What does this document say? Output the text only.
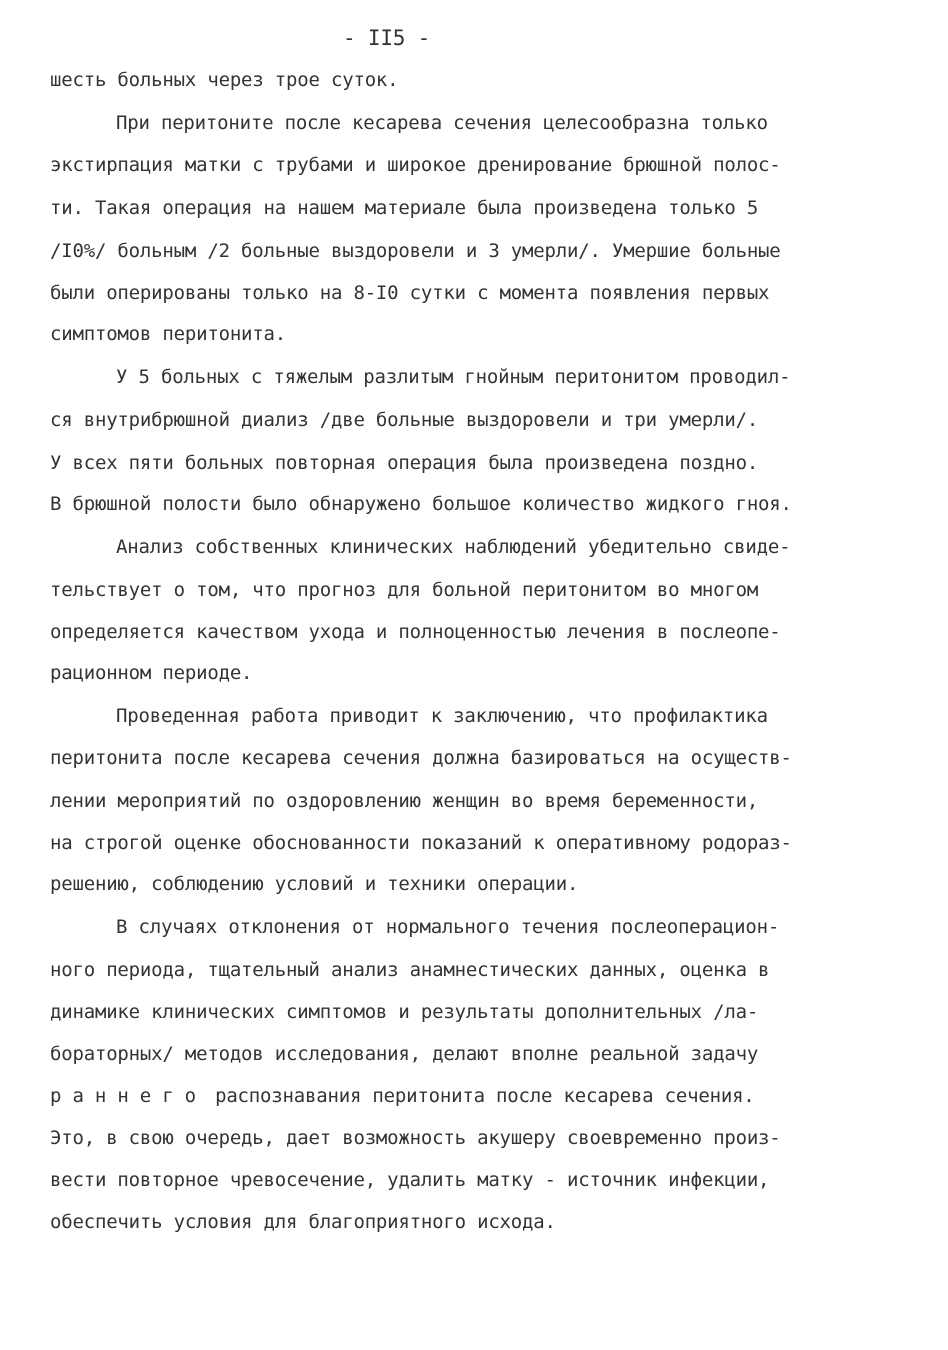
- II5 -
шесть больных через трое суток.
При перитоните после кесарева сечения целесообразна только
экстирпация матки с трубами и широкое дренирование брюшной полос-
ти. Такая операция на нашем материале была произведена только 5
/I0%/ больным /2 больные выздоровели и 3 умерли/. Умершие больные
были оперированы только на 8-I0 сутки с момента появления первых
симптомов перитонита.
У 5 больных с тяжелым разлитым гнойным перитонитом проводил-
ся внутрибрюшной диализ /две больные выздоровели и три умерли/.
У всех пяти больных повторная операция была произведена поздно.
В брюшной полости было обнаружено большое количество жидкого гноя.
Анализ собственных клинических наблюдений убедительно свиде-
тельствует о том, что прогноз для больной перитонитом во многом
определяется качеством ухода и полноценностью лечения в послеопе-
рационном периоде.
Проведенная работа приводит к заключению, что профилактика
перитонита после кесарева сечения должна базироваться на осуществ-
лении мероприятий по оздоровлению женщин во время беременности,
на строгой оценке обоснованности показаний к оперативному родораз-
решению, соблюдению условий и техники операции.
В случаях отклонения от нормального течения послеоперацион-
ного периода, тщательный анализ анамнестических данных, оценка в
динамике клинических симптомов и результаты дополнительных /ла-
бораторных/ методов исследования, делают вполне реальной задачу
раннего распознавания перитонита после кесарева сечения.
Это, в свою очередь, дает возможность акушеру своевременно произ-
вести повторное чревосечение, удалить матку - источник инфекции,
обеспечить условия для благоприятного исхода.
